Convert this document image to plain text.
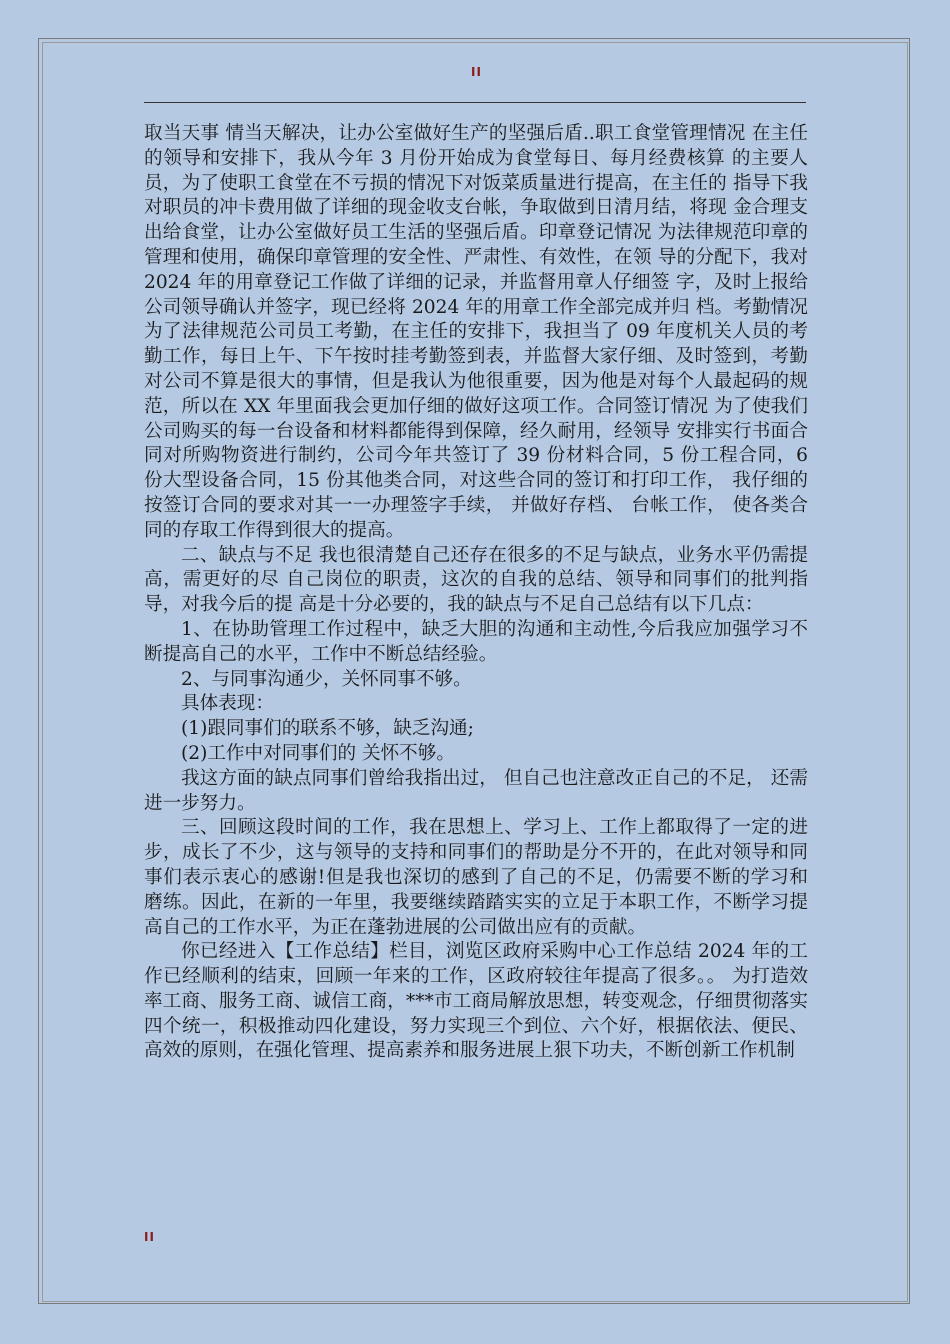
II

取当天事 情当天解决，让办公室做好生产的坚强后盾..职工食堂管理情况 在主任的领导和安排下，我从今年 3 月份开始成为食堂每日、每月经费核算 的主要人员，为了使职工食堂在不亏损的情况下对饭菜质量进行提高，在主任的 指导下我对职员的冲卡费用做了详细的现金收支台帐，争取做到日清月结，将现 金合理支出给食堂，让办公室做好员工生活的坚强后盾。印章登记情况 为法律规范印章的管理和使用，确保印章管理的安全性、严肃性、有效性，在领 导的分配下，我对 2024 年的用章登记工作做了详细的记录，并监督用章人仔细签 字，及时上报给公司领导确认并签字，现已经将 2024 年的用章工作全部完成并归 档。考勤情况 为了法律规范公司员工考勤，在主任的安排下，我担当了 09 年度机关人员的考 勤工作，每日上午、下午按时挂考勤签到表，并监督大家仔细、及时签到，考勤 对公司不算是很大的事情，但是我认为他很重要，因为他是对每个人最起码的规 范，所以在 XX 年里面我会更加仔细的做好这项工作。合同签订情况 为了使我们公司购买的每一台设备和材料都能得到保障，经久耐用，经领导 安排实行书面合同对所购物资进行制约，公司今年共签订了 39 份材料合同，5 份工程合同，6 份大型设备合同，15 份其他类合同，对这些合同的签订和打印工作， 我仔细的按签订合同的要求对其一一办理签字手续， 并做好存档、 台帐工作， 使各类合同的存取工作得到很大的提高。

二、缺点与不足 我也很清楚自己还存在很多的不足与缺点，业务水平仍需提高，需更好的尽 自己岗位的职责，这次的自我的总结、领导和同事们的批判指导，对我今后的提 高是十分必要的，我的缺点与不足自己总结有以下几点：

1、在协助管理工作过程中，缺乏大胆的沟通和主动性,今后我应加强学习不 断提高自己的水平，工作中不断总结经验。

2、与同事沟通少，关怀同事不够。

具体表现：

(1)跟同事们的联系不够，缺乏沟通;

(2)工作中对同事们的 关怀不够。

我这方面的缺点同事们曾给我指出过， 但自己也注意改正自己的不足， 还需进一步努力。

三、回顾这段时间的工作，我在思想上、学习上、工作上都取得了一定的进 步，成长了不少，这与领导的支持和同事们的帮助是分不开的，在此对领导和同 事们表示衷心的感谢!但是我也深切的感到了自己的不足，仍需要不断的学习和 磨练。因此，在新的一年里，我要继续踏踏实实的立足于本职工作，不断学习提 高自己的工作水平，为正在蓬勃进展的公司做出应有的贡献。

你已经进入【工作总结】栏目，浏览区政府采购中心工作总结 2024 年的工作已经顺利的结束，回顾一年来的工作，区政府较往年提高了很多。。 为打造效率工商、服务工商、诚信工商，***市工商局解放思想，转变观念，仔细贯彻落实四个统一，积极推动四化建设，努力实现三个到位、六个好，根据依法、便民、高效的原则，在强化管理、提高素养和服务进展上狠下功夫，不断创新工作机制

II
